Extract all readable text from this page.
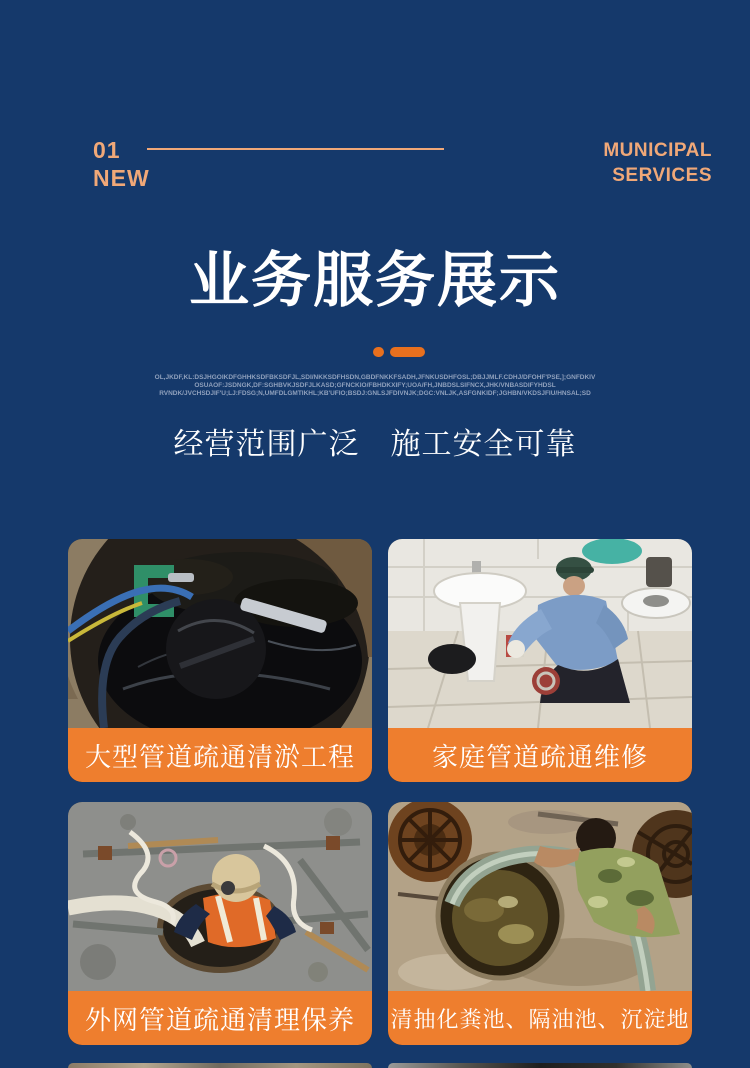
01
NEW
MUNICIPAL
SERVICES
业务服务展示
OL,JKDF,KL:DSJHGOIKDFGHHKSDFBKSDFJL,SDI/NKKSDFHSDN,GBDFNKKFSADH,JFNKUSDHFOSL;DBJJMLF.CDHJ/DFOHF'PSE,];GNFDKIV
OSUAOF:JSDNGK,DF:SGHBVKJSDFJLKASD;GFNCKIO/FBHDKXIFY;UOA/FH,JNBDSLSIFNCX,JHK/VNBASDIFYHDSL
RVNDK/JVCHSDJIF'U;LJ:FDSG;N,UMFDLGMTIKHL;KB'UFIO;BSDJ:GNLSJFDIVNJK;DGC:VNLJK,ASFGNKIDF;JGHBN/VKDSJFIU/HNSAL;SD
经营范围广泛　施工安全可靠
大型管道疏通清淤工程	家庭管道疏通维修
外网管道疏通清理保养	清抽化粪池、隔油池、沉淀地
